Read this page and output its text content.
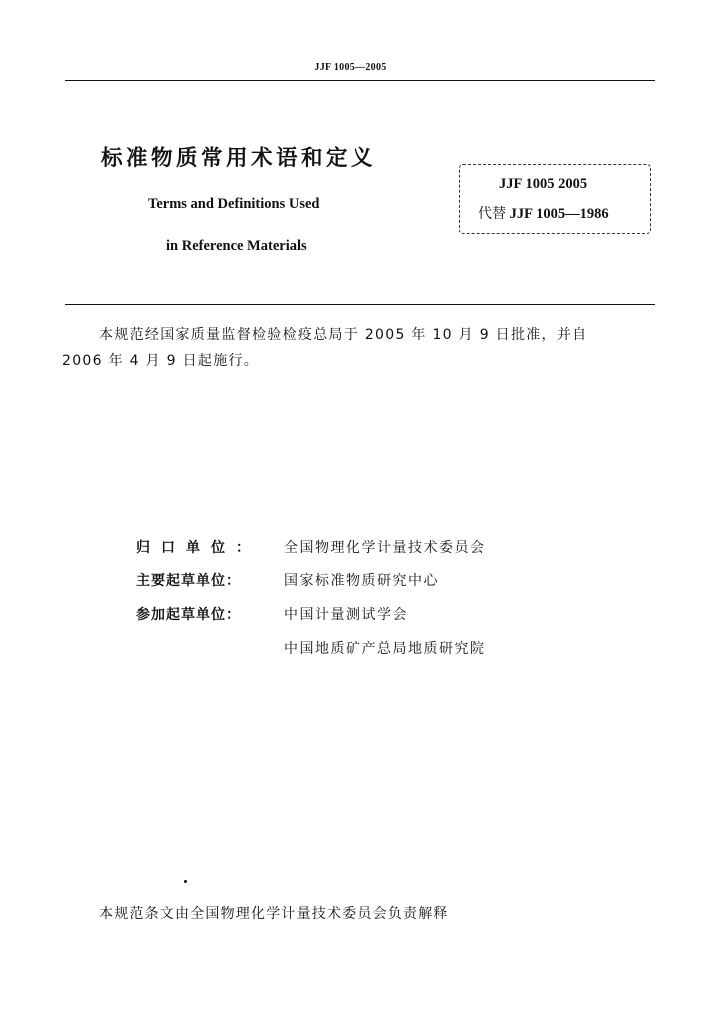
JJF 1005—2005
标准物质常用术语和定义
Terms and Definitions Used
in Reference Materials
JJF 1005 2005
代替 JJF 1005—1986
本规范经国家质量监督检验检疫总局于 2005 年 10 月 9 日批准，并自
2006 年 4 月 9 日起施行。
归口单位： 全国物理化学计量技术委员会
主要起草单位：	国家标准物质研究中心
参加起草单位：	中国计量测试学会
中国地质矿产总局地质研究院
本规范条文由全国物理化学计量技术委员会负责解释
